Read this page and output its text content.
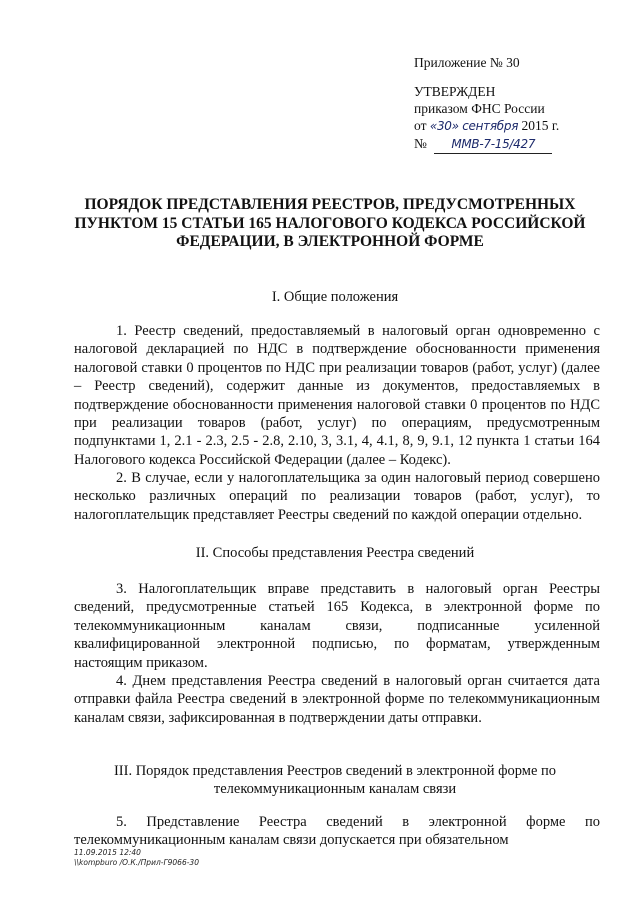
Приложение № 30
УТВЕРЖДЕН
приказом ФНС России
от «30» сентября 2015 г.
№ ММВ-7-15/427
ПОРЯДОК ПРЕДСТАВЛЕНИЯ РЕЕСТРОВ, ПРЕДУСМОТРЕННЫХ ПУНКТОМ 15 СТАТЬИ 165 НАЛОГОВОГО КОДЕКСА РОССИЙСКОЙ ФЕДЕРАЦИИ, В ЭЛЕКТРОННОЙ ФОРМЕ
I. Общие положения
1. Реестр сведений, предоставляемый в налоговый орган одновременно с налоговой декларацией по НДС в подтверждение обоснованности применения налоговой ставки 0 процентов по НДС при реализации товаров (работ, услуг) (далее – Реестр сведений), содержит данные из документов, предоставляемых в подтверждение обоснованности применения налоговой ставки 0 процентов по НДС при реализации товаров (работ, услуг) по операциям, предусмотренным подпунктами 1, 2.1 - 2.3, 2.5 - 2.8, 2.10, 3, 3.1, 4, 4.1, 8, 9, 9.1, 12 пункта 1 статьи 164 Налогового кодекса Российской Федерации (далее – Кодекс).
2. В случае, если у налогоплательщика за один налоговый период совершено несколько различных операций по реализации товаров (работ, услуг), то налогоплательщик представляет Реестры сведений по каждой операции отдельно.
II. Способы представления Реестра сведений
3. Налогоплательщик вправе представить в налоговый орган Реестры сведений, предусмотренные статьей 165 Кодекса, в электронной форме по телекоммуникационным каналам связи, подписанные усиленной квалифицированной электронной подписью, по форматам, утвержденным настоящим приказом.
4. Днем представления Реестра сведений в налоговый орган считается дата отправки файла Реестра сведений в электронной форме по телекоммуникационным каналам связи, зафиксированная в подтверждении даты отправки.
III. Порядок представления Реестров сведений в электронной форме по телекоммуникационным каналам связи
5. Представление Реестра сведений в электронной форме по телекоммуникационным каналам связи допускается при обязательном
11.09.2015 12:40
\\kompburo /О.К./Прил-Г9066-30
